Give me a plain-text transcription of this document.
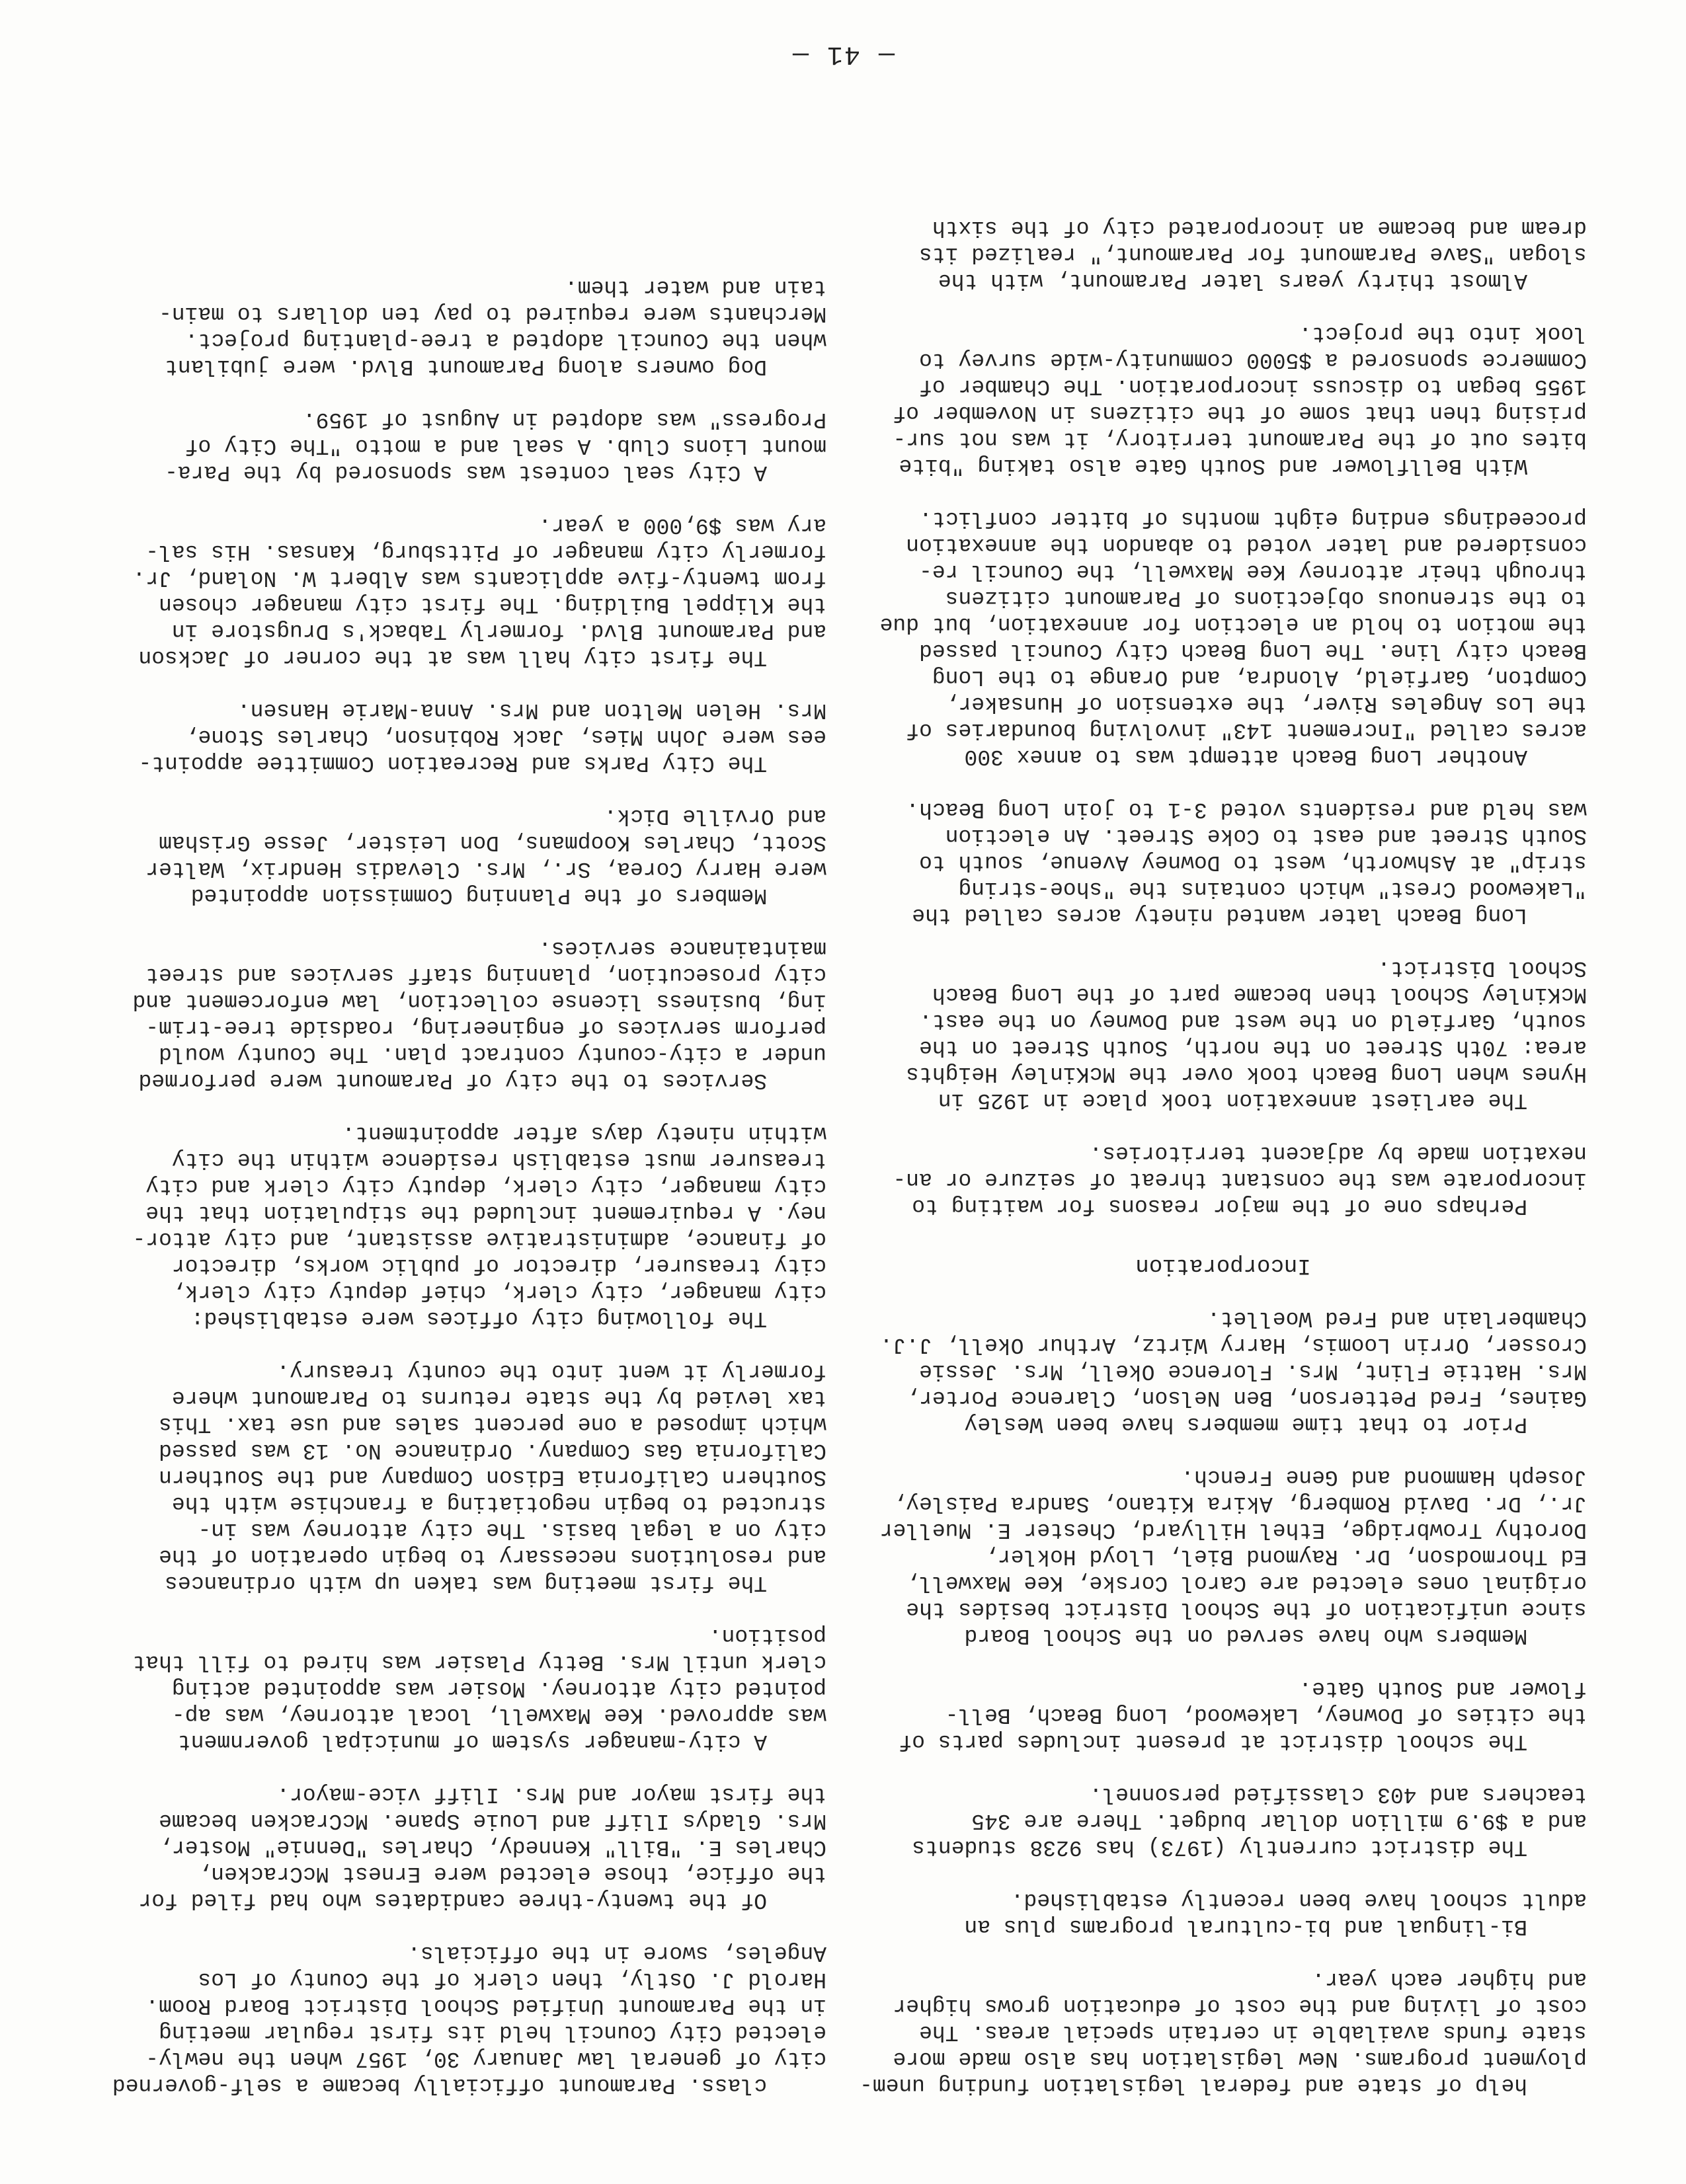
help of state and federal legislation funding unem-
ployment programs. New legislation has also made more
state funds available in certain special areas. The
cost of living and the cost of education grows higher
and higher each year.

Bi-lingual and bi-cultural programs plus an
adult school have been recently established.

The district currently (1973) has 9238 students
and a $9.9 million dollar budget. There are 345
teachers and 403 classified personnel.

The school district at present includes parts of
the cities of Downey, Lakewood, Long Beach, Bell-
flower and South Gate.

Members who have served on the School Board
since unification of the School District besides the
original ones elected are Carol Corske, Kee Maxwell,
Ed Thormodson, Dr. Raymond Biel, Lloyd Hokler,
Dorothy Trowbridge, Ethel Hillyard, Chester E. Mueller
Jr., Dr. David Romberg, Akira Kitano, Sandra Paisley,
Joseph Hammond and Gene French.

Prior to that time members have been Wesley
Gaines, Fred Petterson, Ben Nelson, Clarence Porter,
Mrs. Hattie Flint, Mrs. Florence Okell, Mrs. Jessie
Crosser, Orrin Loomis, Harry Wirtz, Arthur Okell, J.J.
Chamberlain and Fred Woellet.

Incorporation

Perhaps one of the major reasons for waiting to
incorporate was the constant threat of seizure or an-
nexation made by adjacent territories.

The earliest annexation took place in 1925 in
Hynes when Long Beach took over the McKinley Heights
area: 70th Street on the north, South Street on the
south, Garfield on the west and Downey on the east.
McKinley School then became part of the Long Beach
School District.

Long Beach later wanted ninety acres called the
"Lakewood Crest" which contains the "shoe-string
strip" at Ashworth, west to Downey Avenue, south to
South Street and east to Coke Street. An election
was held and residents voted 3-1 to join Long Beach.

Another Long Beach attempt was to annex 300
acres called "Increment 143" involving boundaries of
the Los Angeles River, the extension of Hunsaker,
Compton, Garfield, Alondra, and Orange to the Long
Beach city line. The Long Beach City Council passed
the motion to hold an election for annexation, but due
to the strenuous objections of Paramount citizens
through their attorney Kee Maxwell, the Council re-
considered and later voted to abandon the annexation
proceedings ending eight months of bitter conflict.

With Bellflower and South Gate also taking "bite
bites out of the Paramount territory, it was not sur-
prising then that some of the citizens in November of
1955 began to discuss incorporation. The Chamber of
Commerce sponsored a $5000 community-wide survey to
look into the project.

Almost thirty years later Paramount, with the
slogan "Save Paramount for Paramount," realized its
dream and became an incorporated city of the sixth

class. Paramount officially became a self-governed
city of general law January 30, 1957 when the newly-
elected City Council held its first regular meeting
in the Paramount Unified School District Board Room.
Harold J. Ostly, then clerk of the County of Los
Angeles, swore in the officials.

Of the twenty-three candidates who had filed for
the office, those elected were Ernest McCracken,
Charles E. "Bill" Kennedy, Charles "Dennie" Moster,
Mrs. Gladys Iliff and Louie Spane. McCracken became
the first mayor and Mrs. Iliff vice-mayor.

A city-manager system of municipal government
was approved. Kee Maxwell, local attorney, was ap-
pointed city attorney. Mosier was appointed acting
clerk until Mrs. Betty Plasier was hired to fill that
position.

The first meeting was taken up with ordinances
and resolutions necessary to begin operation of the
city on a legal basis. The city attorney was in-
structed to begin negotiating a franchise with the
Southern California Edison Company and the Southern
California Gas Company. Ordinance No. 13 was passed
which imposed a one percent sales and use tax. This
tax levied by the state returns to Paramount where
formerly it went into the county treasury.

The following city offices were established:
city manager, city clerk, chief deputy city clerk,
city treasurer, director of public works, director
of finance, administrative assistant, and city attor-
ney. A requirement included the stipulation that the
city manager, city clerk, deputy city clerk and city
treasurer must establish residence within the city
within ninety days after appointment.

Services to the city of Paramount were performed
under a city-county contract plan. The County would
perform services of engineering, roadside tree-trim-
ing, business license collection, law enforcement and
city prosecution, planning staff services and street
maintainance services.

Members of the Planning Commission appointed
were Harry Corea, Sr., Mrs. Clevadis Hendrix, Walter
Scott, Charles Koopmans, Don Leister, Jesse Grisham
and Orville Dick.

The City Parks and Recreation Committee appoint-
ees were John Mies, Jack Robinson, Charles Stone,
Mrs. Helen Melton and Mrs. Anna-Marie Hansen.

The first city hall was at the corner of Jackson
and Paramount Blvd. formerly Taback's Drugstore in
the Klippel Building. The first city manager chosen
from twenty-five applicants was Albert W. Noland, Jr.
formerly city manager of Pittsburg, Kansas. His sal-
ary was $9,000 a year.

A City seal contest was sponsored by the Para-
mount Lions Club. A seal and a motto "The City of
Progress" was adopted in August of 1959.

Dog owners along Paramount Blvd. were jubilant
when the Council adopted a tree-planting project.
Merchants were required to pay ten dollars to main-
tain and water them.

— 41 —
